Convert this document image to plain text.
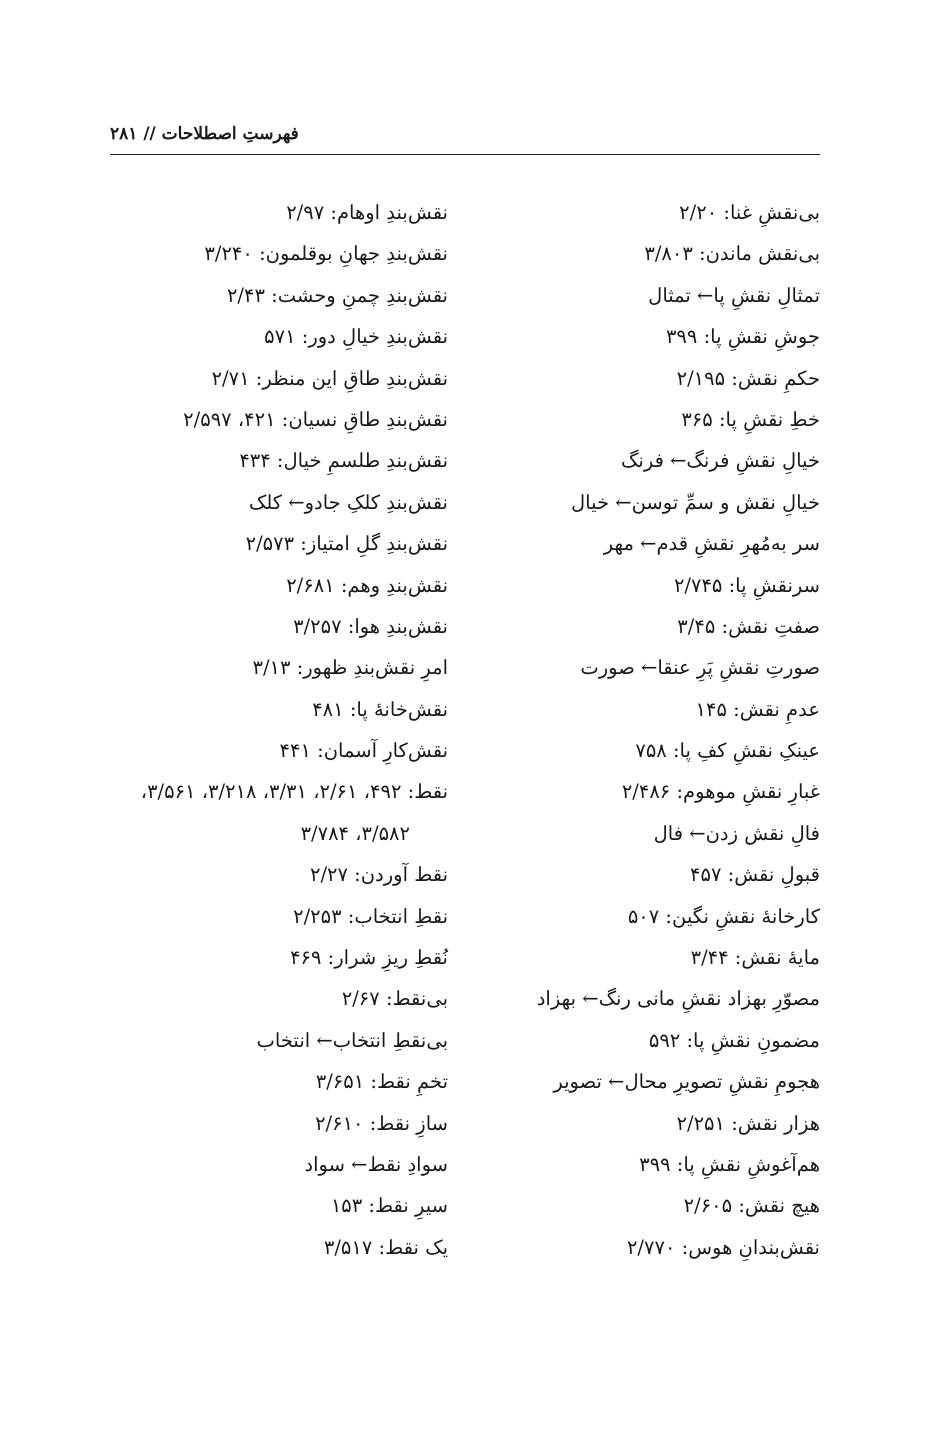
فهرستِ اصطلاحات // ۲۸۱
بی‌نقشِ غنا: ۲/۲۰
بی‌نقش ماندن: ۳/۸۰۳
تمثالِ نقشِ پا← تمثال
جوشِ نقشِ پا: ۳۹۹
حکمِ نقش: ۲/۱۹۵
خطِ نقشِ پا: ۳۶۵
خیالِ نقشِ فرنگ← فرنگ
خیالِ نقش و سمِّ توسن← خیال
سر به‌مُهرِ نقشِ قدم← مهر
سرنقشِ پا: ۲/۷۴۵
صفتِ نقش: ۳/۴۵
صورتِ نقشِ پَرِ عنقا← صورت
عدمِ نقش: ۱۴۵
عینکِ نقشِ کفِ پا: ۷۵۸
غبارِ نقشِ موهوم: ۲/۴۸۶
فالِ نقش زدن← فال
قبولِ نقش: ۴۵۷
کارخانهٔ نقشِ نگین: ۵۰۷
مایهٔ نقش: ۳/۴۴
مصوّرِ بهزاد نقشِ مانی رنگ← بهزاد
مضمونِ نقشِ پا: ۵۹۲
هجومِ نقشِ تصویرِ محال← تصویر
هزار نقش: ۲/۲۵۱
هم‌آغوشِ نقشِ پا: ۳۹۹
هیچ نقش: ۲/۶۰۵
نقش‌بندانِ هوس: ۲/۷۷۰
نقش‌بندِ اوهام: ۲/۹۷
نقش‌بندِ جهانِ بوقلمون: ۳/۲۴۰
نقش‌بندِ چمنِ وحشت: ۲/۴۳
نقش‌بندِ خیالِ دور: ۵۷۱
نقش‌بندِ طاقِ این منظر: ۲/۷۱
نقش‌بندِ طاقِ نسیان: ۴۲۱، ۲/۵۹۷
نقش‌بندِ طلسمِ خیال: ۴۳۴
نقش‌بندِ کلکِ جادو← کلک
نقش‌بندِ گلِ امتیاز: ۲/۵۷۳
نقش‌بندِ وهم: ۲/۶۸۱
نقش‌بندِ هوا: ۳/۲۵۷
امرِ نقش‌بندِ ظهور: ۳/۱۳
نقش‌خانهٔ پا: ۴۸۱
نقش‌کارِ آسمان: ۴۴۱
نقط: ۴۹۲، ۲/۶۱، ۳/۳۱، ۳/۲۱۸، ۳/۵۶۱،
۳/۵۸۲، ۳/۷۸۴
نقط آوردن: ۲/۲۷
نقطِ انتخاب: ۲/۲۵۳
نُقطِ ریزِ شرار: ۴۶۹
بی‌نقط: ۲/۶۷
بی‌نقطِ انتخاب← انتخاب
تخمِ نقط: ۳/۶۵۱
سازِ نقط: ۲/۶۱۰
سوادِ نقط← سواد
سیرِ نقط: ۱۵۳
یک نقط: ۳/۵۱۷
